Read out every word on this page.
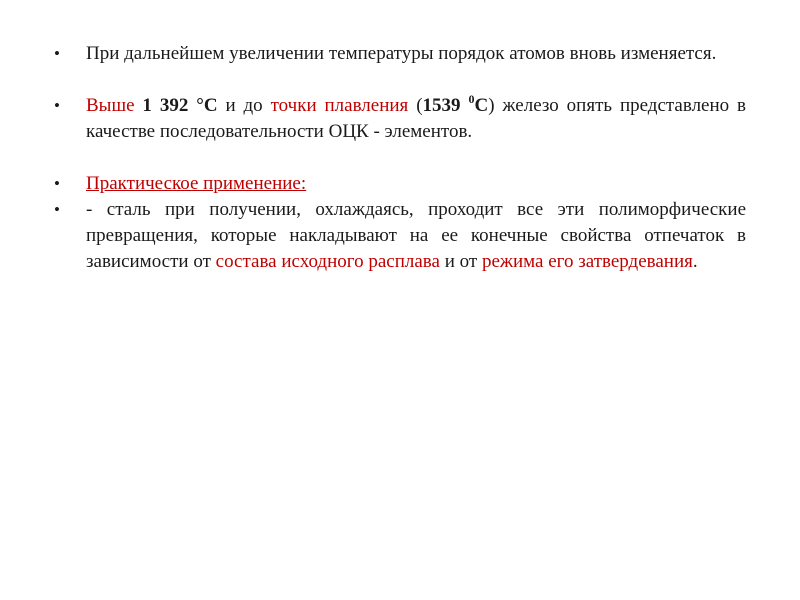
•	При дальнейшем увеличении температуры порядок атомов вновь изменяется.
•	Выше 1 392 °С и до точки плавления (1539 $^0$С) железо опять представлено в качестве последовательности ОЦК - элементов.
•	Практическое применение:
•	- сталь при получении, охлаждаясь, проходит все эти полиморфические превращения, которые накладывают на ее конечные свойства отпечаток в зависимости от состава исходного расплава и от режима его затвердевания.
